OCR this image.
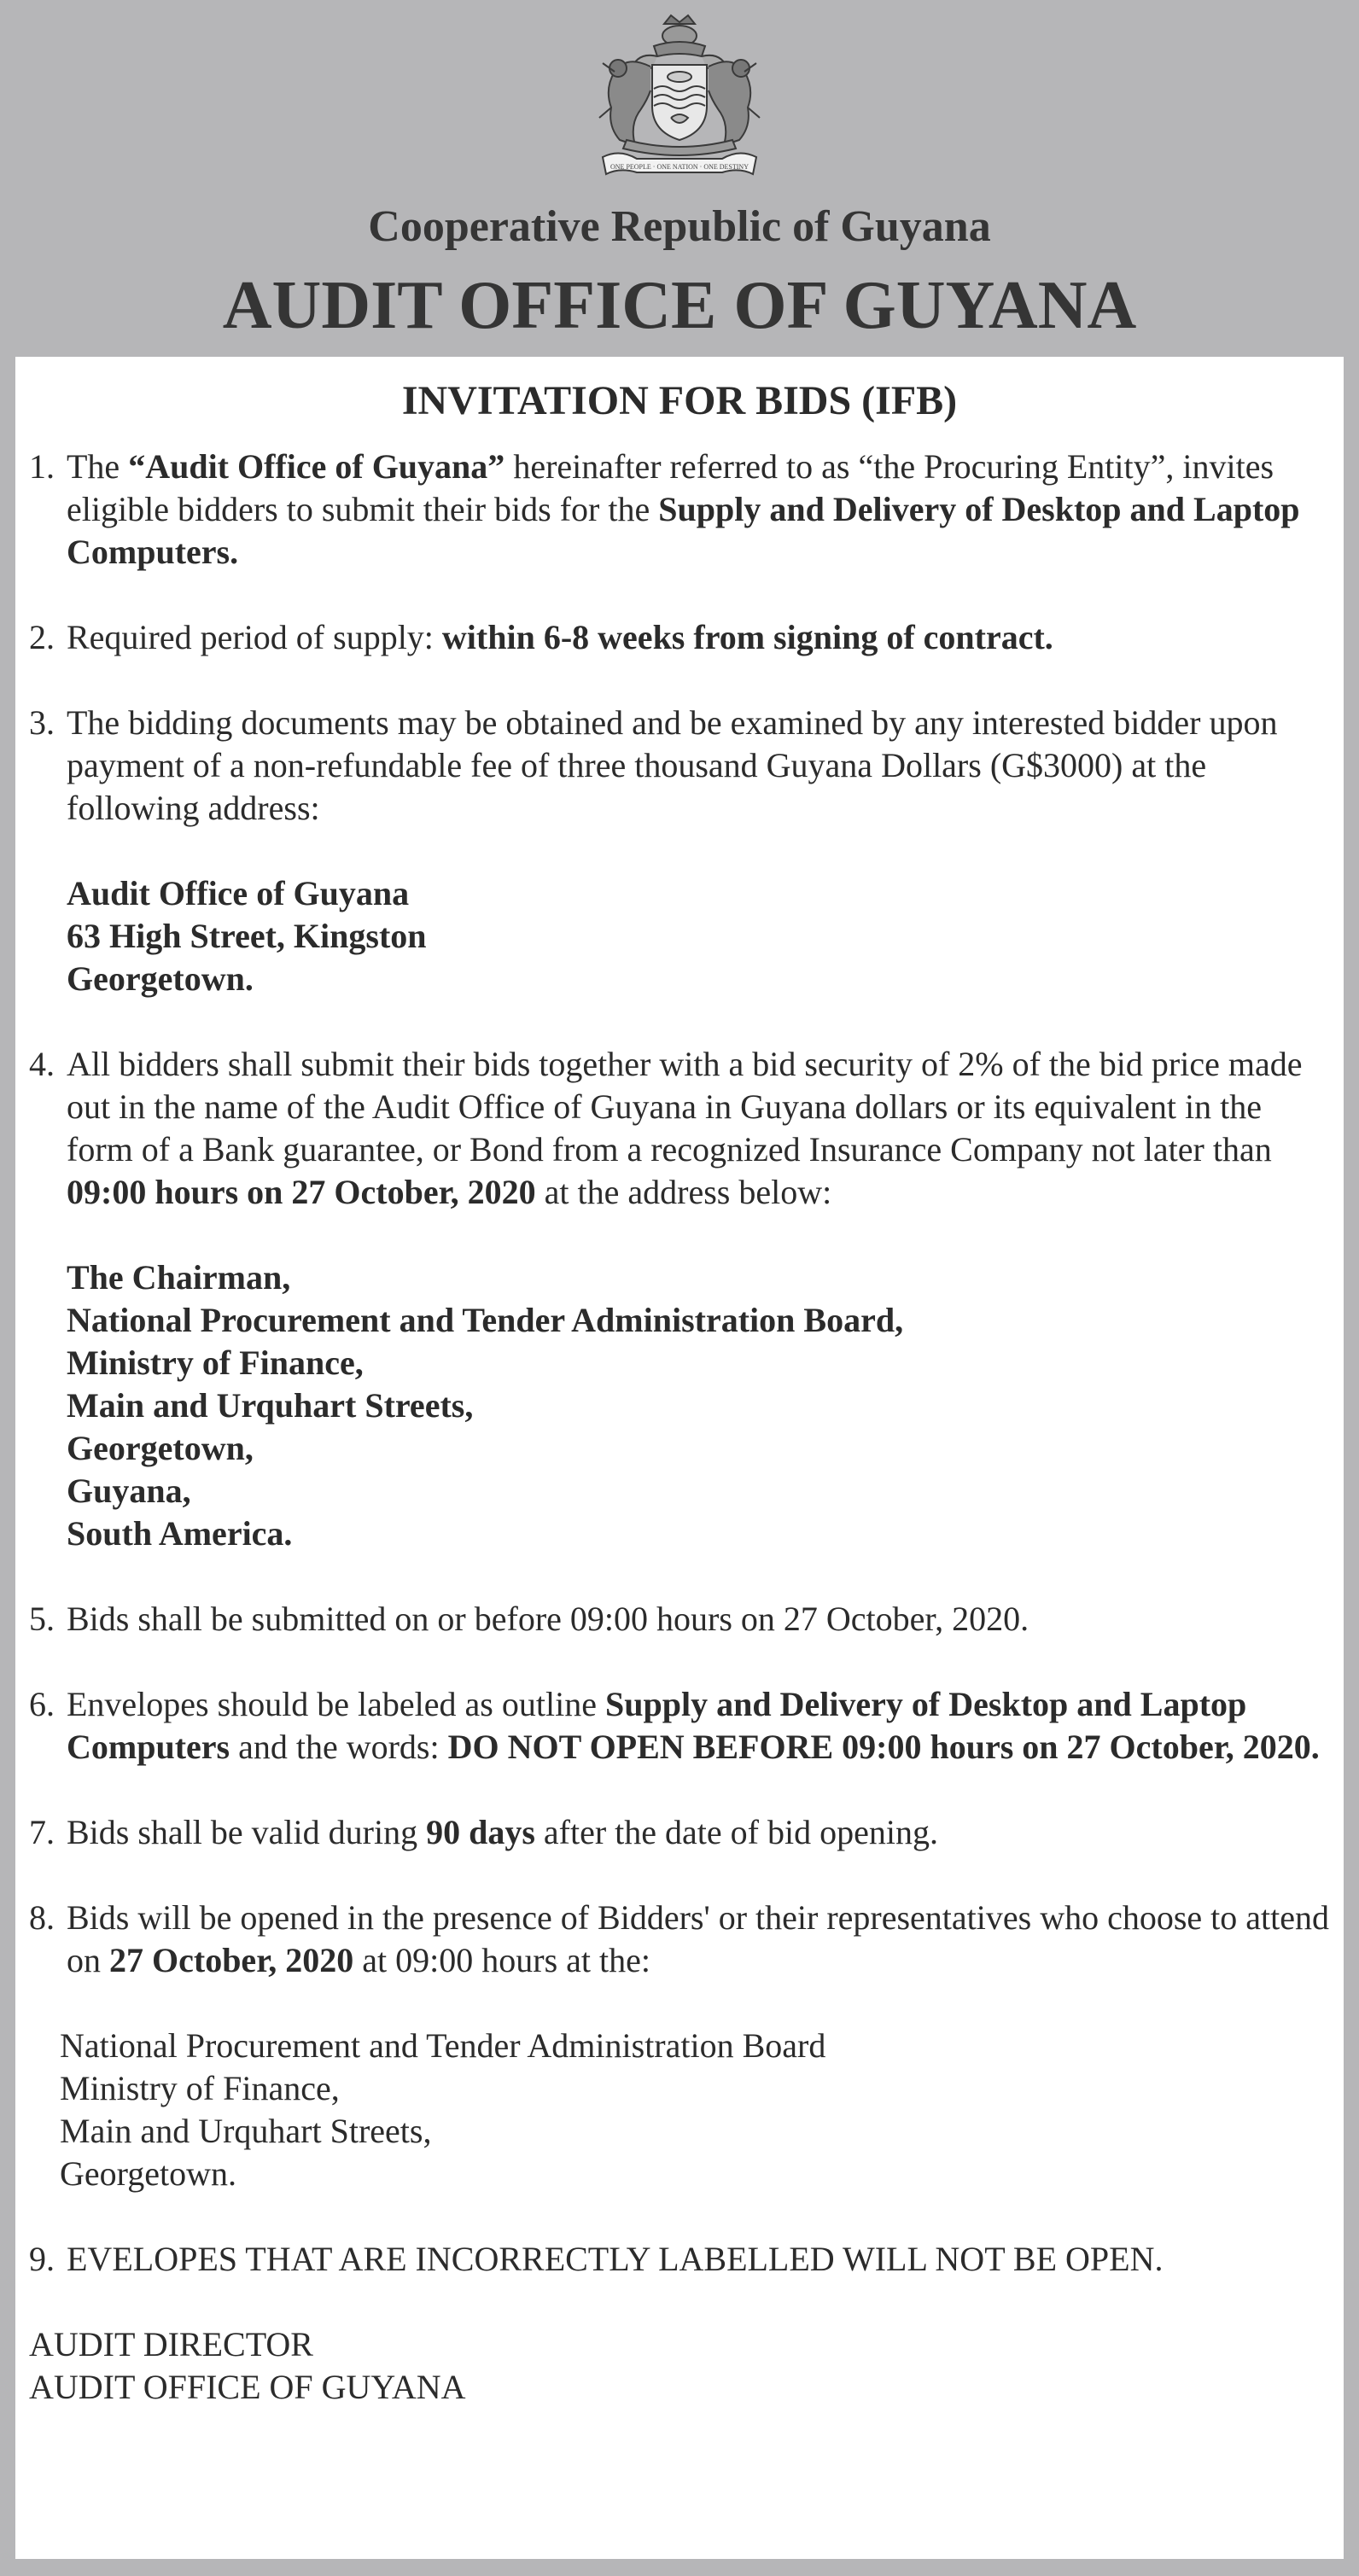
ONE PEOPLE · ONE NATION · ONE DESTINY
Cooperative Republic of Guyana
AUDIT OFFICE OF GUYANA
INVITATION FOR BIDS (IFB)

1. The “Audit Office of Guyana” hereinafter referred to as “the Procuring Entity”, invites eligible bidders to submit their bids for the Supply and Delivery of Desktop and Laptop Computers.

2. Required period of supply: within 6-8 weeks from signing of contract.

3. The bidding documents may be obtained and be examined by any interested bidder upon payment of a non-refundable fee of three thousand Guyana Dollars (G$3000) at the following address:

Audit Office of Guyana

63 High Street, Kingston

Georgetown.

4. All bidders shall submit their bids together with a bid security of 2% of the bid price made out in the name of the Audit Office of Guyana in Guyana dollars or its equivalent in the form of a Bank guarantee, or Bond from a recognized Insurance Company not later than 09:00 hours on 27 October, 2020 at the address below:

The Chairman,

National Procurement and Tender Administration Board,

Ministry of Finance,

Main and Urquhart Streets,

Georgetown,

Guyana,

South America.

5. Bids shall be submitted on or before 09:00 hours on 27 October, 2020.

6. Envelopes should be labeled as outline Supply and Delivery of Desktop and Laptop Computers and the words: DO NOT OPEN BEFORE 09:00 hours on 27 October, 2020.

7. Bids shall be valid during 90 days after the date of bid opening.

8. Bids will be opened in the presence of Bidders' or their representatives who choose to attend on 27 October, 2020 at 09:00 hours at the:

National Procurement and Tender Administration Board

Ministry of Finance,

Main and Urquhart Streets,

Georgetown.

9. EVELOPES THAT ARE INCORRECTLY LABELLED WILL NOT BE OPEN.

AUDIT DIRECTOR

AUDIT OFFICE OF GUYANA
